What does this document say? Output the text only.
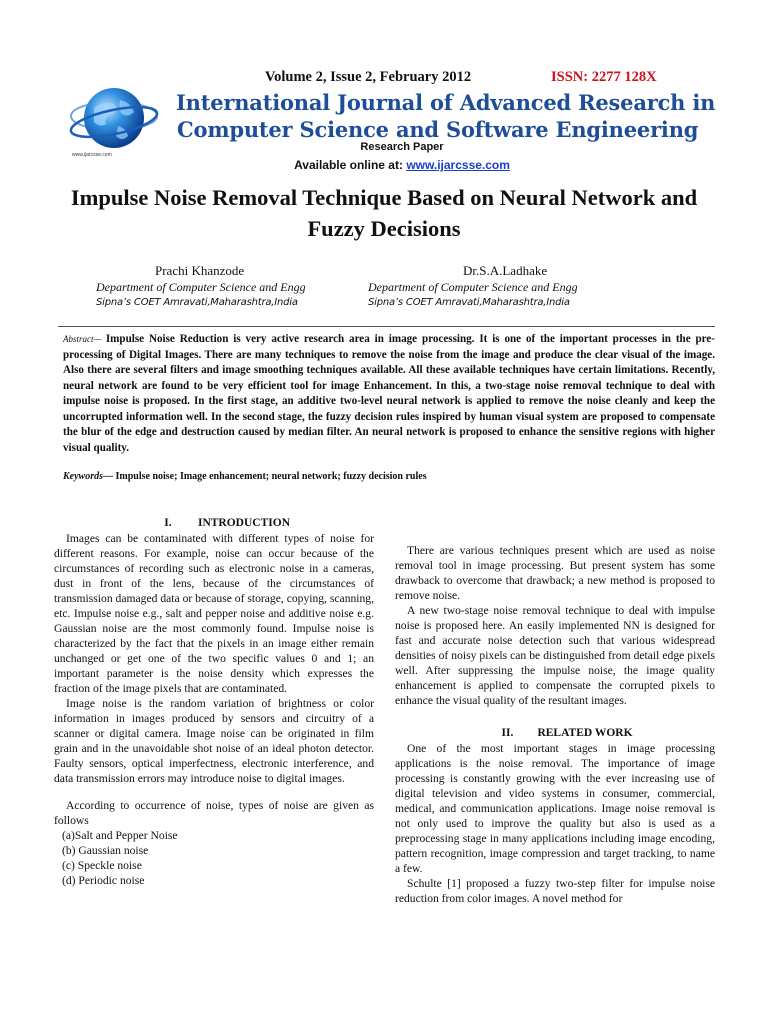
www.ijarcsse.com
Volume 2, Issue 2, February 2012	ISSN: 2277 128X
International Journal of Advanced Research in
Computer Science and Software Engineering
Research Paper
Available online at: www.ijarcsse.com
Impulse Noise Removal Technique Based on Neural Network and Fuzzy Decisions
Prachi Khanzode
Department of Computer Science and Engg
Sipna’s COET Amravati,Maharashtra,India
Dr.S.A.Ladhake
Department of Computer Science and Engg
Sipna’s COET Amravati,Maharashtra,India
Abstract— Impulse Noise Reduction is very active research area in image processing. It is one of the important processes in the pre-processing of Digital Images. There are many techniques to remove the noise from the image and produce the clear visual of the image. Also there are several filters and image smoothing techniques available. All these available techniques have certain limitations. Recently, neural network are found to be very efficient tool for image Enhancement. In this, a two-stage noise removal technique to deal with impulse noise is proposed. In the first stage, an additive two-level neural network is applied to remove the noise cleanly and keep the uncorrupted information well. In the second stage, the fuzzy decision rules inspired by human visual system are proposed to compensate the blur of the edge and destruction caused by median filter. An neural network is proposed to enhance the sensitive regions with higher visual quality.
Keywords— Impulse noise; Image enhancement; neural network; fuzzy decision rules

I. INTRODUCTION

Images can be contaminated with different types of noise for different reasons. For example, noise can occur because of the circumstances of recording such as electronic noise in a cameras, dust in front of the lens, because of the circumstances of transmission damaged data or because of storage, copying, scanning, etc. Impulse noise e.g., salt and pepper noise and additive noise e.g. Gaussian noise are the most commonly found. Impulse noise is characterized by the fact that the pixels in an image either remain unchanged or get one of the two specific values 0 and 1; an important parameter is the noise density which expresses the fraction of the image pixels that are contaminated.

Image noise is the random variation of brightness or color information in images produced by sensors and circuitry of a scanner or digital camera. Image noise can be originated in film grain and in the unavoidable shot noise of an ideal photon detector. Faulty sensors, optical imperfectness, electronic interference, and data transmission errors may introduce noise to digital images.

According to occurrence of noise, types of noise are given as follows

(a)Salt and Pepper Noise

(b) Gaussian noise

(c) Speckle noise

(d) Periodic noise

There are various techniques present which are used as noise removal tool in image processing. But present system has some drawback to overcome that drawback; a new method is proposed to remove noise.

A new two-stage noise removal technique to deal with impulse noise is proposed here. An easily implemented NN is designed for fast and accurate noise detection such that various widespread densities of noisy pixels can be distinguished from detail edge pixels well. After suppressing the impulse noise, the image quality enhancement is applied to compensate the corrupted pixels to enhance the visual quality of the resultant images.

II. RELATED WORK

One of the most important stages in image processing applications is the noise removal. The importance of image processing is constantly growing with the ever increasing use of digital television and video systems in consumer, commercial, medical, and communication applications. Image noise removal is not only used to improve the quality but also is used as a preprocessing stage in many applications including image encoding, pattern recognition, image compression and target tracking, to name a few.

Schulte [1] proposed a fuzzy two-step filter for impulse noise reduction from color images. A novel method for
